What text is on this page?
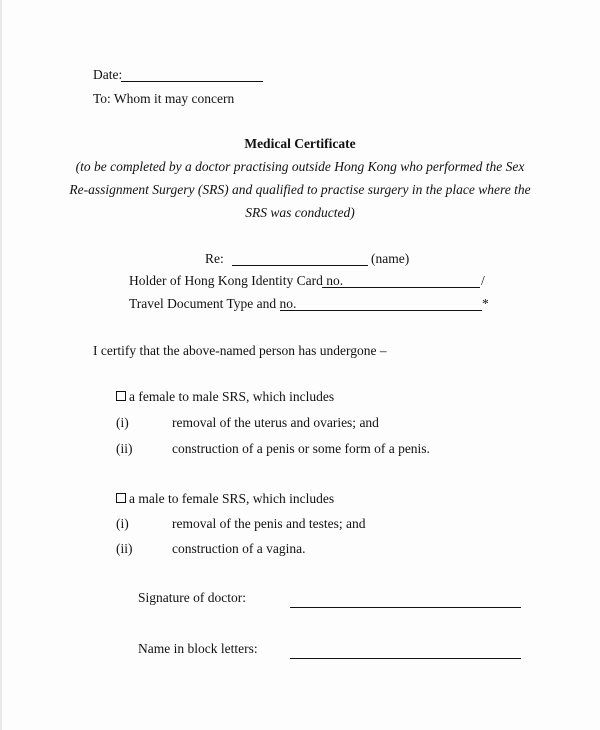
Date:
To: Whom it may concern
Medical Certificate
(to be completed by a doctor practising outside Hong Kong who performed the Sex
Re-assignment Surgery (SRS) and qualified to practise surgery in the place where the
SRS was conducted)
Re:	(name)
Holder of Hong Kong Identity Card no.	/
Travel Document Type and no.	*
I certify that the above-named person has undergone –
a female to male SRS, which includes
(i)	removal of the uterus and ovaries; and
(ii)	construction of a penis or some form of a penis.
a male to female SRS, which includes
(i)	removal of the penis and testes; and
(ii)	construction of a vagina.
Signature of doctor:
Name in block letters:
